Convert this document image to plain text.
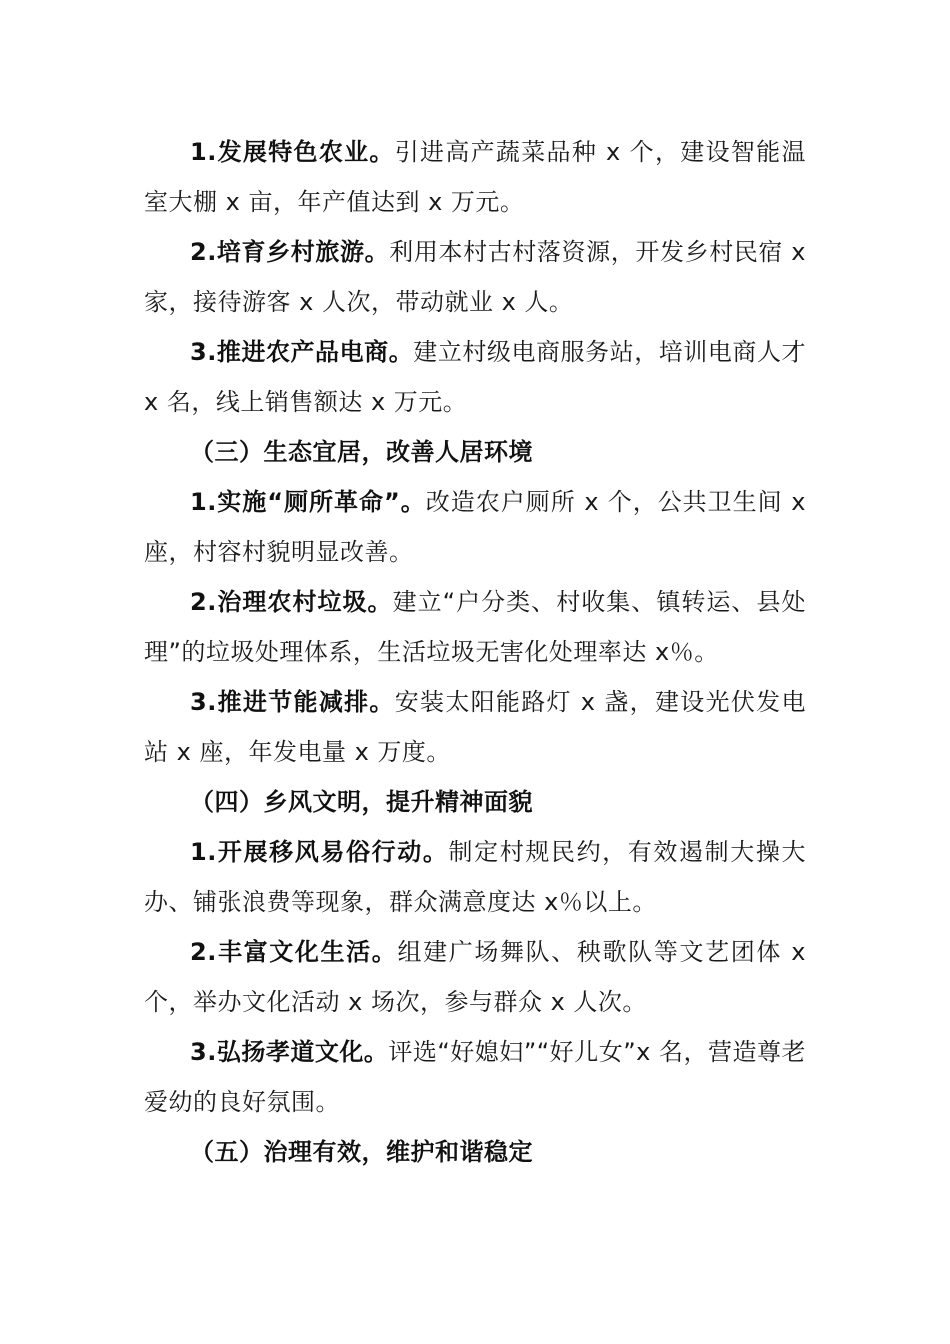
1.发展特色农业。引进高产蔬菜品种 x 个，建设智能温室大棚 x 亩，年产值达到 x 万元。

2.培育乡村旅游。利用本村古村落资源，开发乡村民宿 x 家，接待游客 x 人次，带动就业 x 人。

3.推进农产品电商。建立村级电商服务站，培训电商人才 x 名，线上销售额达 x 万元。

（三）生态宜居，改善人居环境

1.实施“厕所革命”。改造农户厕所 x 个，公共卫生间 x 座，村容村貌明显改善。

2.治理农村垃圾。建立“户分类、村收集、镇转运、县处理”的垃圾处理体系，生活垃圾无害化处理率达 x％。

3.推进节能减排。安装太阳能路灯 x 盏，建设光伏发电站 x 座，年发电量 x 万度。

（四）乡风文明，提升精神面貌

1.开展移风易俗行动。制定村规民约，有效遏制大操大办、铺张浪费等现象，群众满意度达 x％以上。

2.丰富文化生活。组建广场舞队、秧歌队等文艺团体 x 个，举办文化活动 x 场次，参与群众 x 人次。

3.弘扬孝道文化。评选“好媳妇”“好儿女”x 名，营造尊老爱幼的良好氛围。

（五）治理有效，维护和谐稳定
